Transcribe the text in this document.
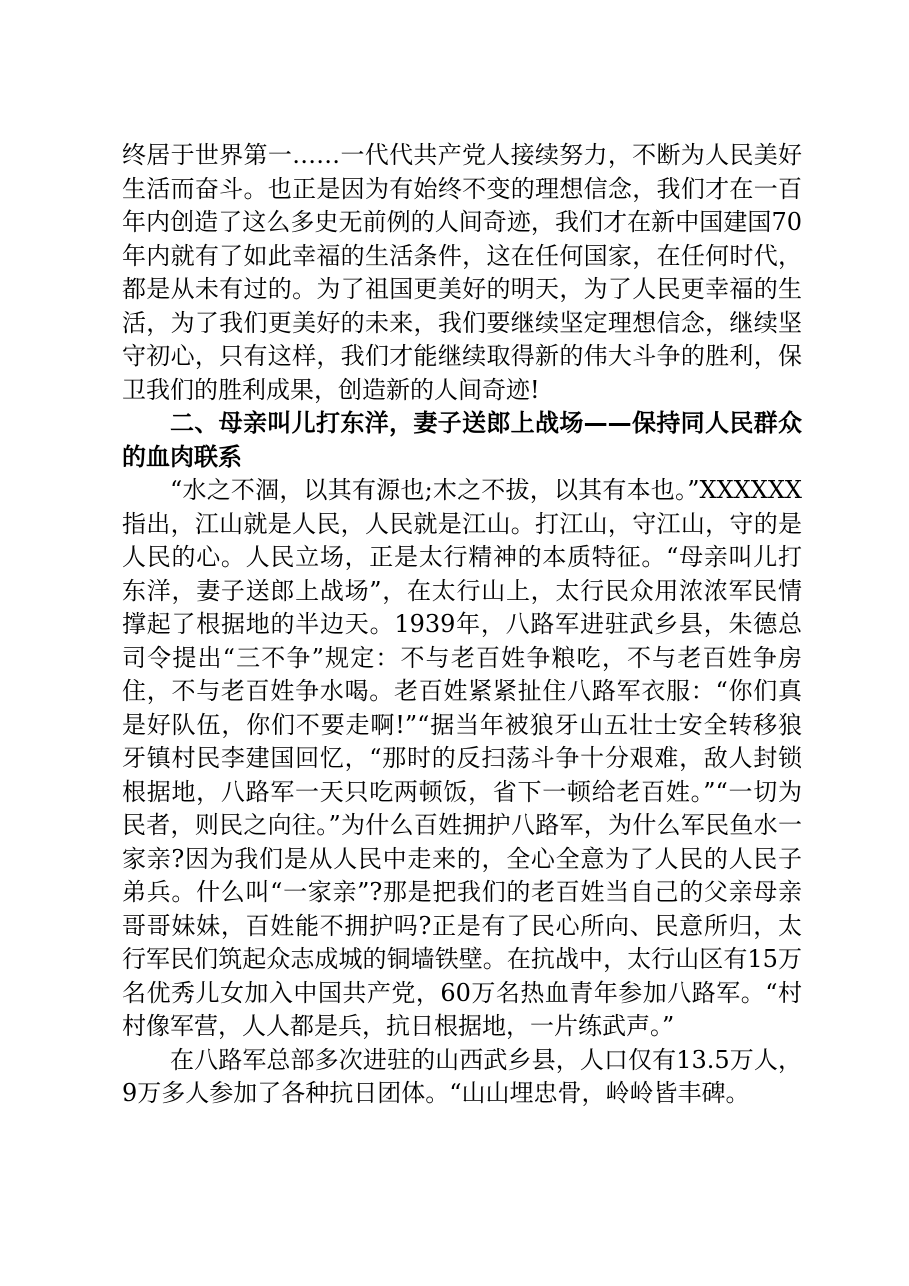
终居于世界第一……一代代共产党人接续努力，不断为人民美好生活而奋斗。也正是因为有始终不变的理想信念，我们才在一百年内创造了这么多史无前例的人间奇迹，我们才在新中国建国70年内就有了如此幸福的生活条件，这在任何国家，在任何时代，都是从未有过的。为了祖国更美好的明天，为了人民更幸福的生活，为了我们更美好的未来，我们要继续坚定理想信念，继续坚守初心，只有这样，我们才能继续取得新的伟大斗争的胜利，保卫我们的胜利成果，创造新的人间奇迹!

二、母亲叫儿打东洋，妻子送郎上战场——保持同人民群众的血肉联系

“水之不涸，以其有源也;木之不拔，以其有本也。”XXXXXX指出，江山就是人民，人民就是江山。打江山，守江山，守的是人民的心。人民立场，正是太行精神的本质特征。“母亲叫儿打东洋，妻子送郎上战场”，在太行山上，太行民众用浓浓军民情撑起了根据地的半边天。1939年，八路军进驻武乡县，朱德总司令提出“三不争”规定：不与老百姓争粮吃，不与老百姓争房住，不与老百姓争水喝。老百姓紧紧扯住八路军衣服：“你们真是好队伍，你们不要走啊!”“据当年被狼牙山五壮士安全转移狼牙镇村民李建国回忆，“那时的反扫荡斗争十分艰难，敌人封锁根据地，八路军一天只吃两顿饭，省下一顿给老百姓。”“一切为民者，则民之向往。”为什么百姓拥护八路军，为什么军民鱼水一家亲?因为我们是从人民中走来的，全心全意为了人民的人民子弟兵。什么叫“一家亲”?那是把我们的老百姓当自己的父亲母亲哥哥妹妹，百姓能不拥护吗?正是有了民心所向、民意所归，太行军民们筑起众志成城的铜墙铁壁。在抗战中，太行山区有15万名优秀儿女加入中国共产党，60万名热血青年参加八路军。“村村像军营，人人都是兵，抗日根据地，一片练武声。”

在八路军总部多次进驻的山西武乡县，人口仅有13.5万人，9万多人参加了各种抗日团体。“山山埋忠骨，岭岭皆丰碑。
